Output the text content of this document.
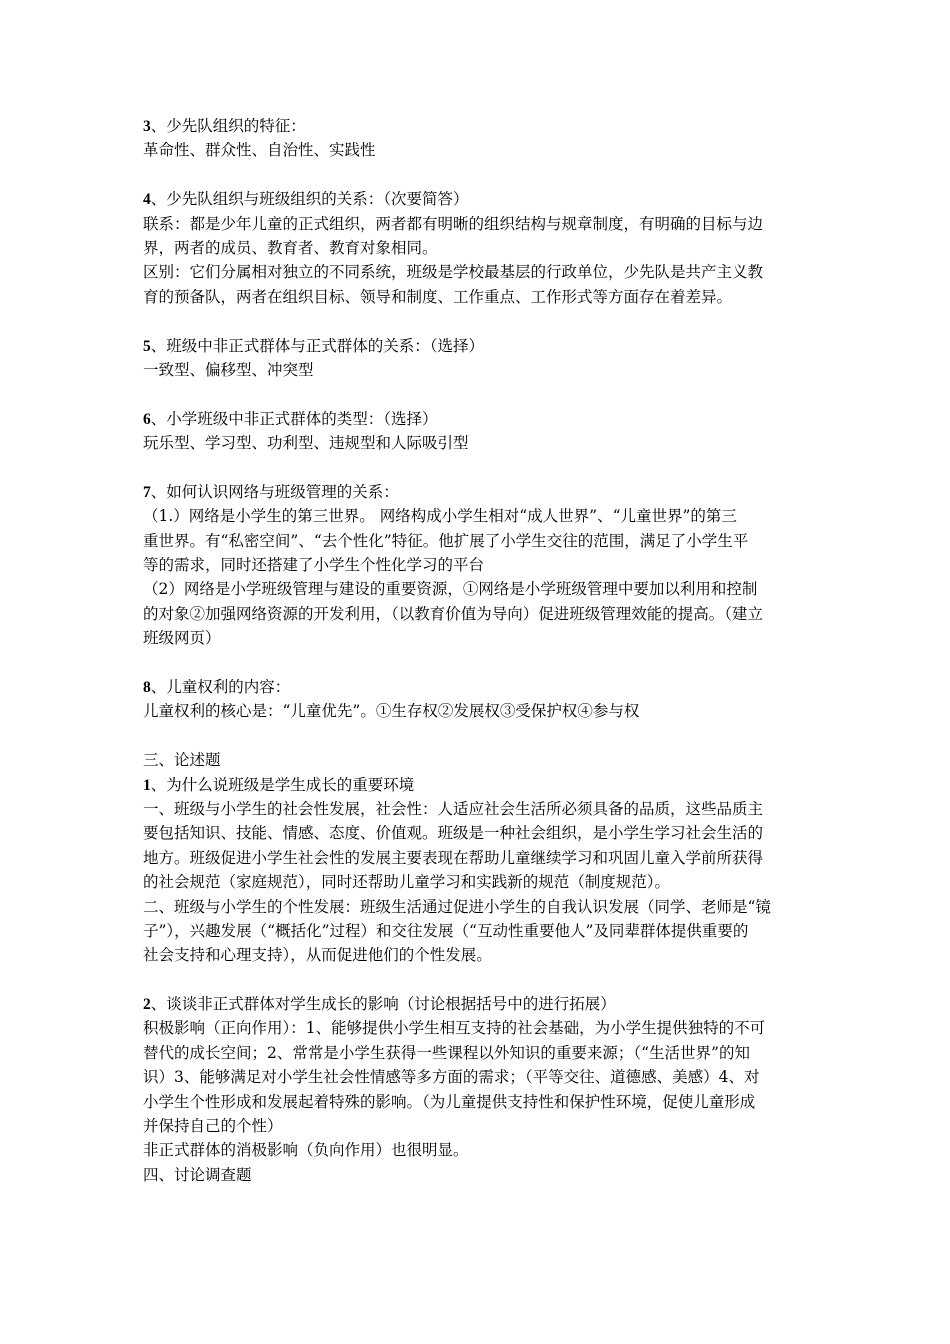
3、少先队组织的特征：
革命性、群众性、自治性、实践性
4、少先队组织与班级组织的关系：（次要简答）
联系：都是少年儿童的正式组织，两者都有明晰的组织结构与规章制度，有明确的目标与边
界，两者的成员、教育者、教育对象相同。
区别：它们分属相对独立的不同系统，班级是学校最基层的行政单位，少先队是共产主义教
育的预备队，两者在组织目标、领导和制度、工作重点、工作形式等方面存在着差异。
5、班级中非正式群体与正式群体的关系：（选择）
一致型、偏移型、冲突型
6、小学班级中非正式群体的类型：（选择）
玩乐型、学习型、功利型、违规型和人际吸引型
7、如何认识网络与班级管理的关系：
（1.）网络是小学生的第三世界。 网络构成小学生相对“成人世界”、“儿童世界”的第三
重世界。有“私密空间”、“去个性化”特征。他扩展了小学生交往的范围，满足了小学生平
等的需求，同时还搭建了小学生个性化学习的平台
（2）网络是小学班级管理与建设的重要资源，①网络是小学班级管理中要加以利用和控制
的对象②加强网络资源的开发利用，（以教育价值为导向）促进班级管理效能的提高。（建立
班级网页）
8、儿童权利的内容：
儿童权利的核心是：“儿童优先”。①生存权②发展权③受保护权④参与权
三、论述题
1、为什么说班级是学生成长的重要环境
一、班级与小学生的社会性发展，社会性：人适应社会生活所必须具备的品质，这些品质主
要包括知识、技能、情感、态度、价值观。班级是一种社会组织，是小学生学习社会生活的
地方。班级促进小学生社会性的发展主要表现在帮助儿童继续学习和巩固儿童入学前所获得
的社会规范（家庭规范），同时还帮助儿童学习和实践新的规范（制度规范）。
二、班级与小学生的个性发展：班级生活通过促进小学生的自我认识发展（同学、老师是“镜
子”），兴趣发展（“概括化”过程）和交往发展（“互动性重要他人”及同辈群体提供重要的
社会支持和心理支持），从而促进他们的个性发展。
2、谈谈非正式群体对学生成长的影响（讨论根据括号中的进行拓展）
积极影响（正向作用）：1、能够提供小学生相互支持的社会基础，为小学生提供独特的不可
替代的成长空间；2、常常是小学生获得一些课程以外知识的重要来源；（“生活世界”的知
识）3、能够满足对小学生社会性情感等多方面的需求；（平等交往、道德感、美感）4、对
小学生个性形成和发展起着特殊的影响。（为儿童提供支持性和保护性环境，促使儿童形成
并保持自己的个性）
非正式群体的消极影响（负向作用）也很明显。
四、讨论调查题
